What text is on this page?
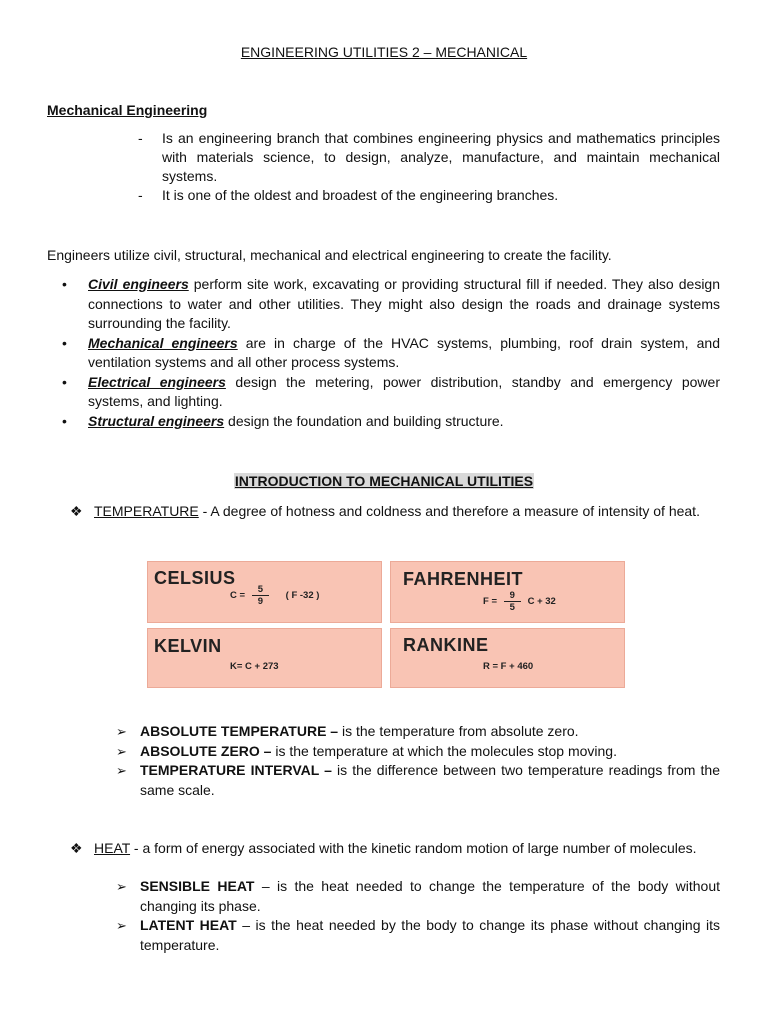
ENGINEERING UTILITIES 2 – MECHANICAL
Mechanical Engineering
-	Is an engineering branch that combines engineering physics and mathematics principles with materials science, to design, analyze, manufacture, and maintain mechanical systems.
-	It is one of the oldest and broadest of the engineering branches.
Engineers utilize civil, structural, mechanical and electrical engineering to create the facility.
•	Civil engineers perform site work, excavating or providing structural fill if needed. They also design connections to water and other utilities. They might also design the roads and drainage systems surrounding the facility.
•	Mechanical engineers are in charge of the HVAC systems, plumbing, roof drain system, and ventilation systems and all other process systems.
•	Electrical engineers design the metering, power distribution, standby and emergency power systems, and lighting.
•	Structural engineers design the foundation and building structure.
INTRODUCTION TO MECHANICAL UTILITIES
❖ TEMPERATURE - A degree of hotness and coldness and therefore a measure of intensity of heat.
CELSIUS
$C = \frac{5}{9}$ ( F -32 )
FAHRENHEIT
$F = \frac{9}{5}$ C + 32
KELVIN
K= C + 273
RANKINE
R = F + 460
➢ ABSOLUTE TEMPERATURE – is the temperature from absolute zero.
➢ ABSOLUTE ZERO – is the temperature at which the molecules stop moving.
➢ TEMPERATURE INTERVAL – is the difference between two temperature readings from the same scale.
❖ HEAT - a form of energy associated with the kinetic random motion of large number of molecules.
➢ SENSIBLE HEAT – is the heat needed to change the temperature of the body without changing its phase.
➢ LATENT HEAT – is the heat needed by the body to change its phase without changing its temperature.
